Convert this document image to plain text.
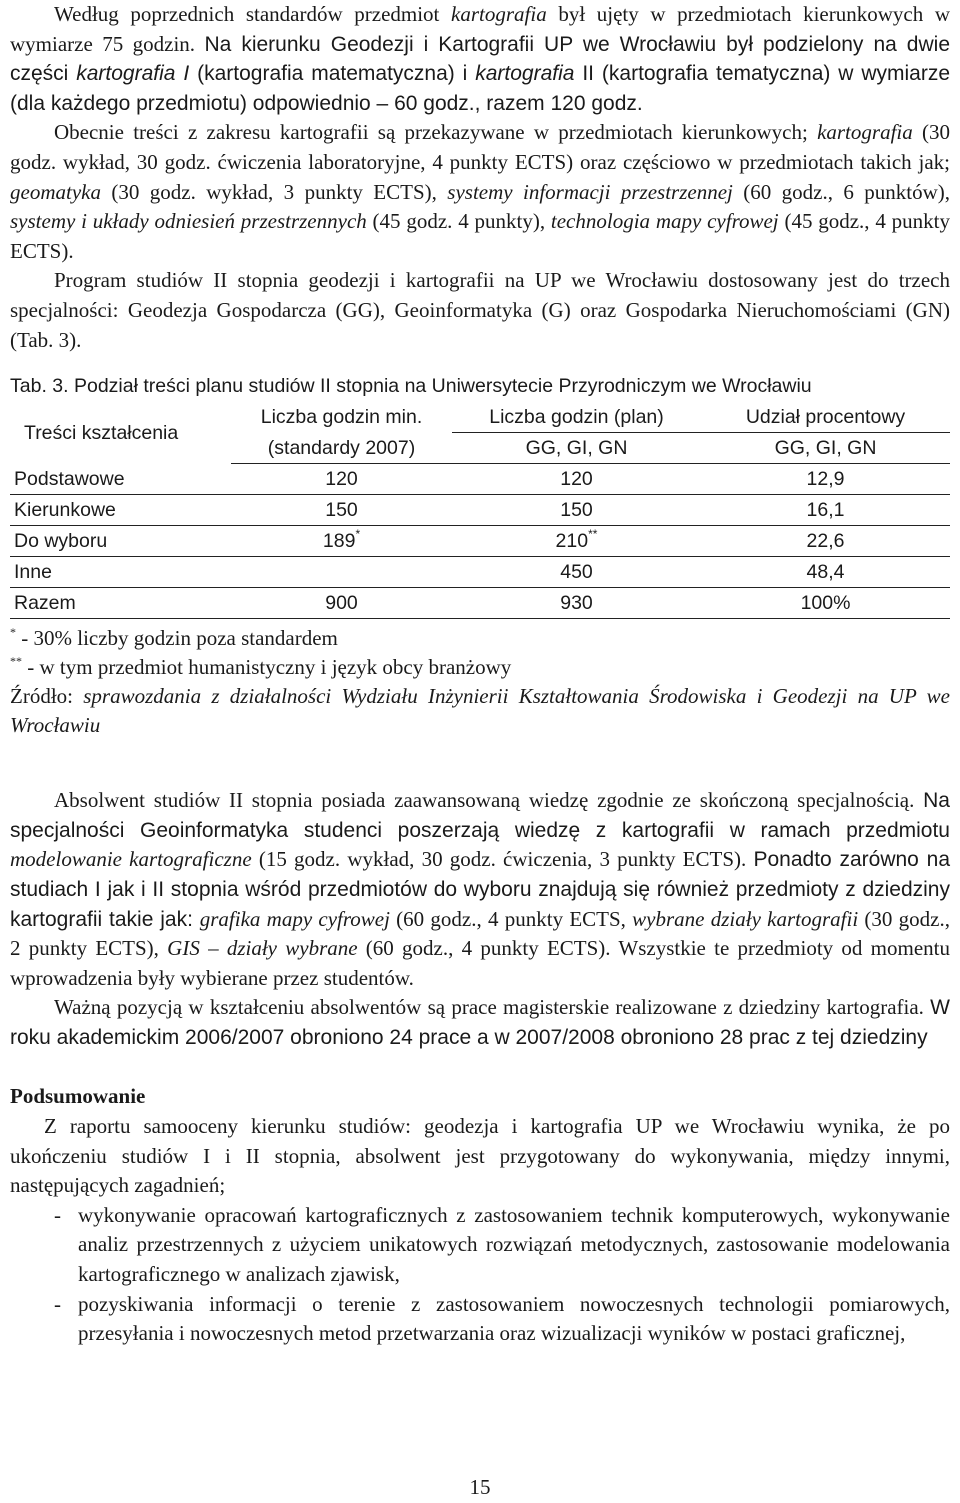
Według poprzednich standardów przedmiot kartografia był ujęty w przedmiotach kierunkowych w wymiarze 75 godzin. Na kierunku Geodezji i Kartografii UP we Wrocławiu był podzielony na dwie części kartografia I (kartografia matematyczna) i kartografia II (kartografia tematyczna) w wymiarze (dla każdego przedmiotu) odpowiednio – 60 godz., razem 120 godz.

Obecnie treści z zakresu kartografii są przekazywane w przedmiotach kierunkowych; kartografia (30 godz. wykład, 30 godz. ćwiczenia laboratoryjne, 4 punkty ECTS) oraz częściowo w przedmiotach takich jak; geomatyka (30 godz. wykład, 3 punkty ECTS), systemy informacji przestrzennej (60 godz., 6 punktów), systemy i układy odniesień przestrzennych (45 godz. 4 punkty), technologia mapy cyfrowej (45 godz., 4 punkty ECTS).

Program studiów II stopnia geodezji i kartografii na UP we Wrocławiu dostosowany jest do trzech specjalności: Geodezja Gospodarcza (GG), Geoinformatyka (G) oraz Gospodarka Nieruchomościami (GN) (Tab. 3).

Tab. 3. Podział treści planu studiów II stopnia na Uniwersytecie Przyrodniczym we Wrocławiu
Treści kształcenia	Liczba godzin min.	Liczba godzin (plan)	Udział procentowy
	(standardy 2007)	GG, GI, GN	GG, GI, GN
Podstawowe	120	120	12,9
Kierunkowe	150	150	16,1
Do wyboru	189*	210**	22,6
Inne		450	48,4
Razem	900	930	100%

* - 30% liczby godzin poza standardem

** - w tym przedmiot humanistyczny i język obcy branżowy

Źródło: sprawozdania z działalności Wydziału Inżynierii Kształtowania Środowiska i Geodezji na UP we Wrocławiu

Absolwent studiów II stopnia posiada zaawansowaną wiedzę zgodnie ze skończoną specjalnością. Na specjalności Geoinformatyka studenci poszerzają wiedzę z kartografii w ramach przedmiotu modelowanie kartograficzne (15 godz. wykład, 30 godz. ćwiczenia, 3 punkty ECTS). Ponadto zarówno na studiach I jak i II stopnia wśród przedmiotów do wyboru znajdują się również przedmioty z dziedziny kartografii takie jak: grafika mapy cyfrowej (60 godz., 4 punkty ECTS, wybrane działy kartografii (30 godz., 2 punkty ECTS), GIS – działy wybrane (60 godz., 4 punkty ECTS). Wszystkie te przedmioty od momentu wprowadzenia były wybierane przez studentów.

Ważną pozycją w kształceniu absolwentów są prace magisterskie realizowane z dziedziny kartografia. W roku akademickim 2006/2007 obroniono 24 prace a w 2007/2008 obroniono 28 prac z tej dziedziny

Podsumowanie

Z raportu samooceny kierunku studiów: geodezja i kartografia UP we Wrocławiu wynika, że po ukończeniu studiów I i II stopnia, absolwent jest przygotowany do wykonywania, między innymi, następujących zagadnień;

- wykonywanie opracowań kartograficznych z zastosowaniem technik komputerowych, wykonywanie analiz przestrzennych z użyciem unikatowych rozwiązań metodycznych, zastosowanie modelowania kartograficznego w analizach zjawisk,
- pozyskiwania informacji o terenie z zastosowaniem nowoczesnych technologii pomiarowych, przesyłania i nowoczesnych metod przetwarzania oraz wizualizacji wyników w postaci graficznej,
15
